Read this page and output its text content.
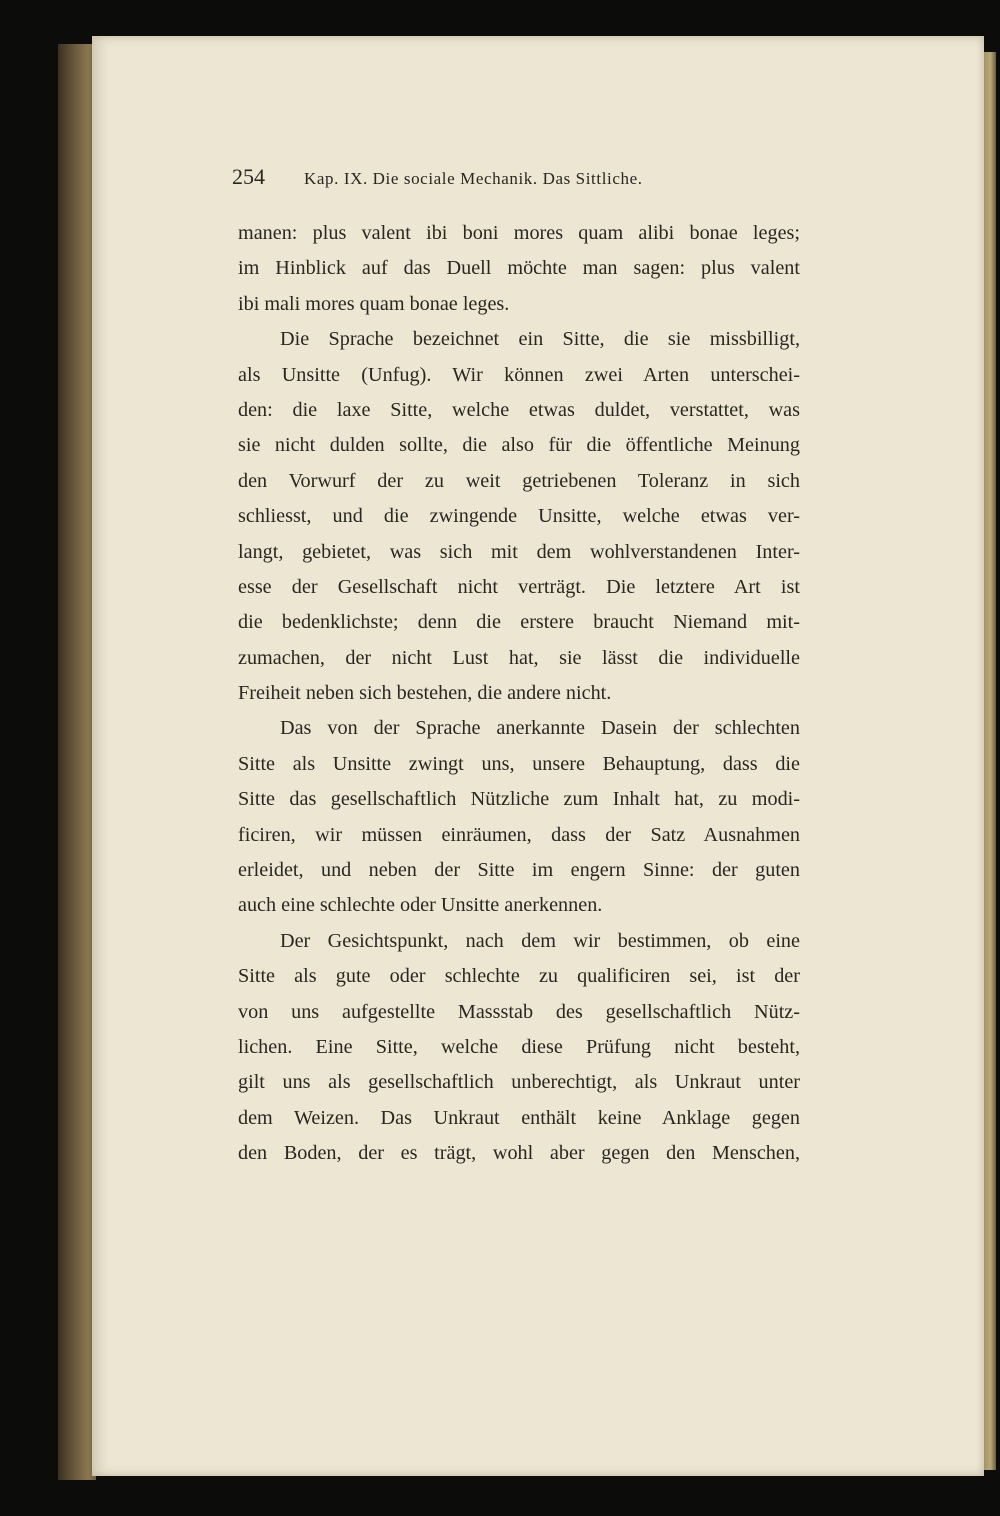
254 Kap. IX. Die sociale Mechanik. Das Sittliche.
manen: plus valent ibi boni mores quam alibi bonae leges;
im Hinblick auf das Duell möchte man sagen: plus valent
ibi mali mores quam bonae leges.
Die Sprache bezeichnet ein Sitte, die sie missbilligt,
als Unsitte (Unfug). Wir können zwei Arten unterschei-
den: die laxe Sitte, welche etwas duldet, verstattet, was
sie nicht dulden sollte, die also für die öffentliche Meinung
den Vorwurf der zu weit getriebenen Toleranz in sich
schliesst, und die zwingende Unsitte, welche etwas ver-
langt, gebietet, was sich mit dem wohlverstandenen Inter-
esse der Gesellschaft nicht verträgt. Die letztere Art ist
die bedenklichste; denn die erstere braucht Niemand mit-
zumachen, der nicht Lust hat, sie lässt die individuelle
Freiheit neben sich bestehen, die andere nicht.
Das von der Sprache anerkannte Dasein der schlechten
Sitte als Unsitte zwingt uns, unsere Behauptung, dass die
Sitte das gesellschaftlich Nützliche zum Inhalt hat, zu modi-
ficiren, wir müssen einräumen, dass der Satz Ausnahmen
erleidet, und neben der Sitte im engern Sinne: der guten
auch eine schlechte oder Unsitte anerkennen.
Der Gesichtspunkt, nach dem wir bestimmen, ob eine
Sitte als gute oder schlechte zu qualificiren sei, ist der
von uns aufgestellte Massstab des gesellschaftlich Nütz-
lichen. Eine Sitte, welche diese Prüfung nicht besteht,
gilt uns als gesellschaftlich unberechtigt, als Unkraut unter
dem Weizen. Das Unkraut enthält keine Anklage gegen
den Boden, der es trägt, wohl aber gegen den Menschen,
